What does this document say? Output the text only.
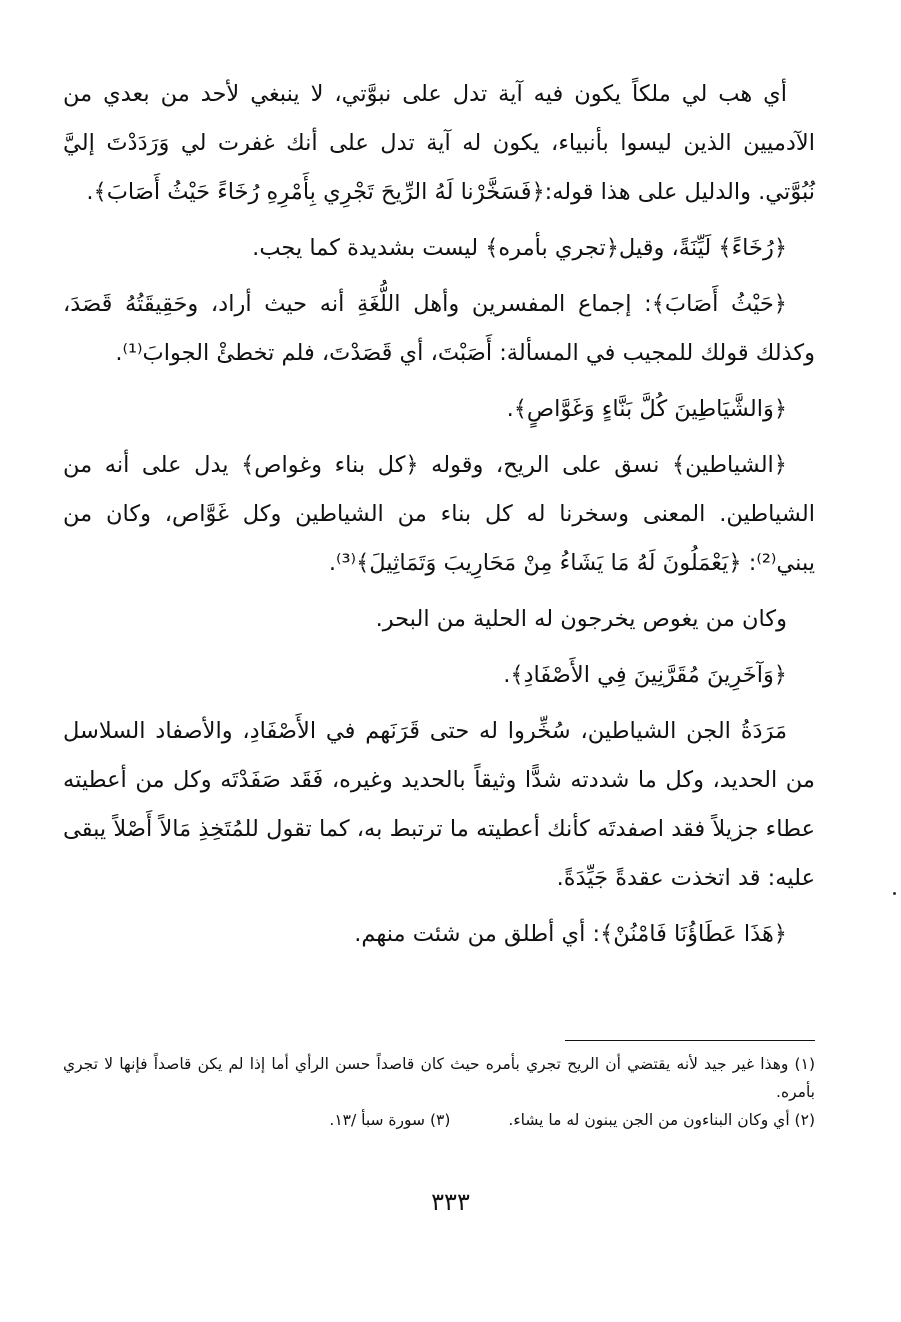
أي هب لي ملكاً يكون فيه آية تدل على نبوَّتي، لا ينبغي لأحد من بعدي من الآدميين الذين ليسوا بأنبياء، يكون له آية تدل على أنك غفرت لي وَرَدَدْتَ إليَّ نُبُوَّتي. والدليل على هذا قوله:﴿فَسَخَّرْنا لَهُ الرِّيحَ تَجْرِي بِأَمْرِهِ رُخَاءً حَيْثُ أَصَابَ﴾.

﴿رُخَاءً﴾ لَيِّنَةً، وقيل﴿تجري بأمره﴾ ليست بشديدة كما يجب.

﴿حَيْثُ أَصَابَ﴾: إجماع المفسرين وأهل اللُّغَةِ أنه حيث أراد، وحَقِيقَتُهُ قَصَدَ، وكذلك قولك للمجيب في المسألة: أَصَبْتَ، أي قَصَدْتَ، فلم تخطئْ الجوابَ⁽¹⁾.

﴿وَالشَّيَاطِينَ كُلَّ بَنَّاءٍ وَغَوَّاصٍ﴾.

﴿الشياطين﴾ نسق على الريح، وقوله ﴿كل بناء وغواص﴾ يدل على أنه من الشياطين. المعنى وسخرنا له كل بناء من الشياطين وكل غَوَّاص، وكان من يبني⁽²⁾: ﴿يَعْمَلُونَ لَهُ مَا يَشَاءُ مِنْ مَحَارِيبَ وَتَمَاثِيلَ﴾⁽³⁾.

وكان من يغوص يخرجون له الحلية من البحر.

﴿وَآخَرِينَ مُقَرَّنِينَ فِي الأَصْفَادِ﴾.

مَرَدَةُ الجن الشياطين، سُخِّروا له حتى قَرَنَهم في الأَصْفَادِ، والأصفاد السلاسل من الحديد، وكل ما شددته شدًّا وثيقاً بالحديد وغيره، فَقَد صَفَدْتَه وكل من أعطيته عطاء جزيلاً فقد اصفدتَه كأنك أعطيته ما ترتبط به، كما تقول للمُتَخِذِ مَالاً أَصْلاً يبقى عليه: قد اتخذت عقدةً جَيِّدَةً.

﴿هَذَا عَطَاؤُنَا فَامْنُنْ﴾: أي أطلق من شئت منهم.

(١) وهذا غير جيد لأنه يقتضي أن الريح تجري بأمره حيث كان قاصداً حسن الرأي أما إذا لم يكن قاصداً فإنها لا تجري بأمره.

(٢) أي وكان البناءون من الجن يبنون له ما يشاء.
(٣) سورة سبأ /١٣.
٣٣٣
